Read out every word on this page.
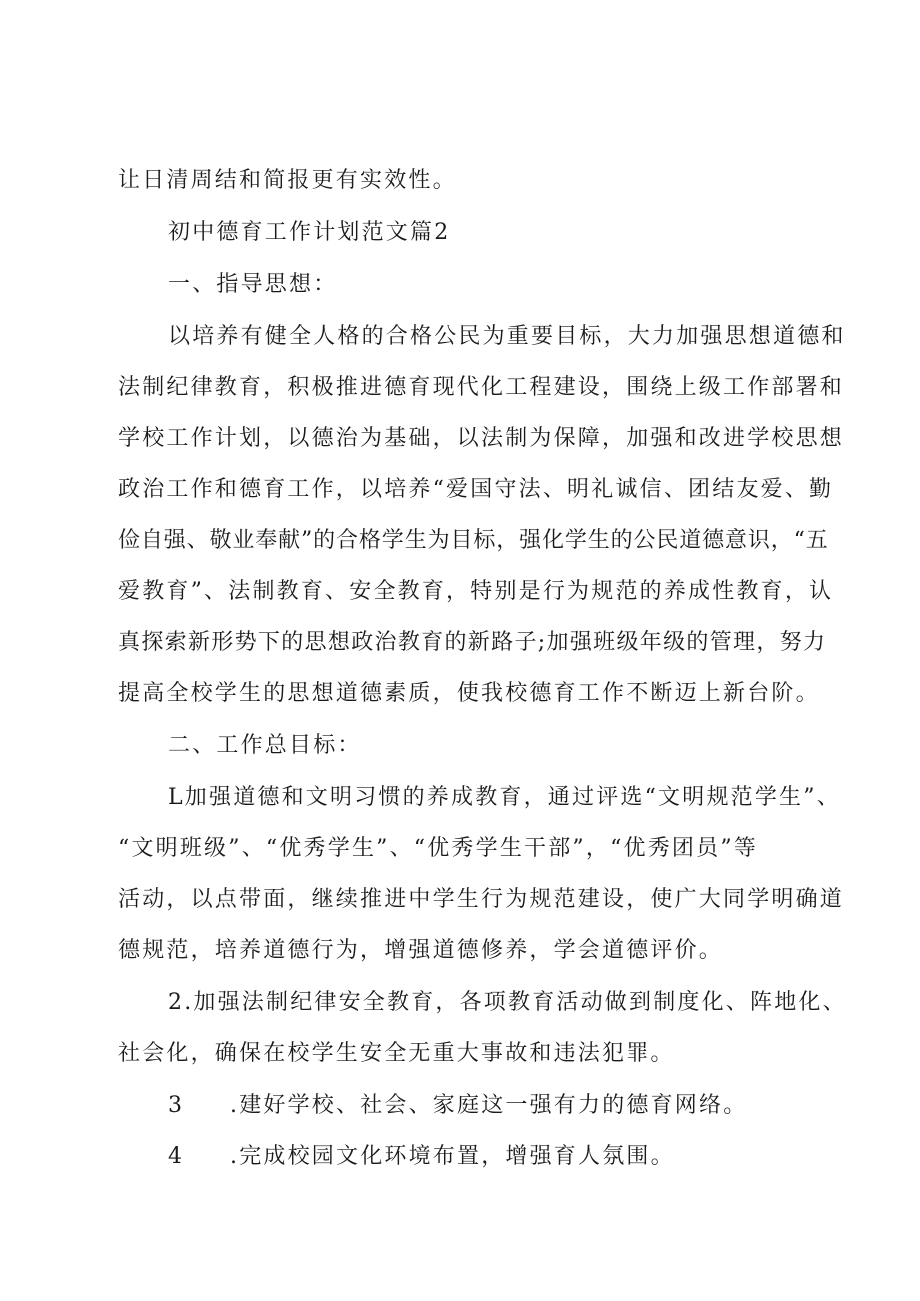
让日清周结和简报更有实效性。
初中德育工作计划范文篇2
一、指导思想：
以培养有健全人格的合格公民为重要目标，大力加强思想道德和
法制纪律教育，积极推进德育现代化工程建设，围绕上级工作部署和
学校工作计划，以德治为基础，以法制为保障，加强和改进学校思想
政治工作和德育工作，以培养“爱国守法、明礼诚信、团结友爱、勤
俭自强、敬业奉献”的合格学生为目标，强化学生的公民道德意识，“五
爱教育”、法制教育、安全教育，特别是行为规范的养成性教育，认
真探索新形势下的思想政治教育的新路子;加强班级年级的管理，努力
提高全校学生的思想道德素质，使我校德育工作不断迈上新台阶。
二、工作总目标：
L加强道德和文明习惯的养成教育，通过评选“文明规范学生”、
“文明班级”、“优秀学生”、“优秀学生干部”，“优秀团员”等
活动，以点带面，继续推进中学生行为规范建设，使广大同学明确道
德规范，培养道德行为，增强道德修养，学会道德评价。
2.加强法制纪律安全教育，各项教育活动做到制度化、阵地化、
社会化，确保在校学生安全无重大事故和违法犯罪。
3 .建好学校、社会、家庭这一强有力的德育网络。
4 .完成校园文化环境布置，增强育人氛围。
